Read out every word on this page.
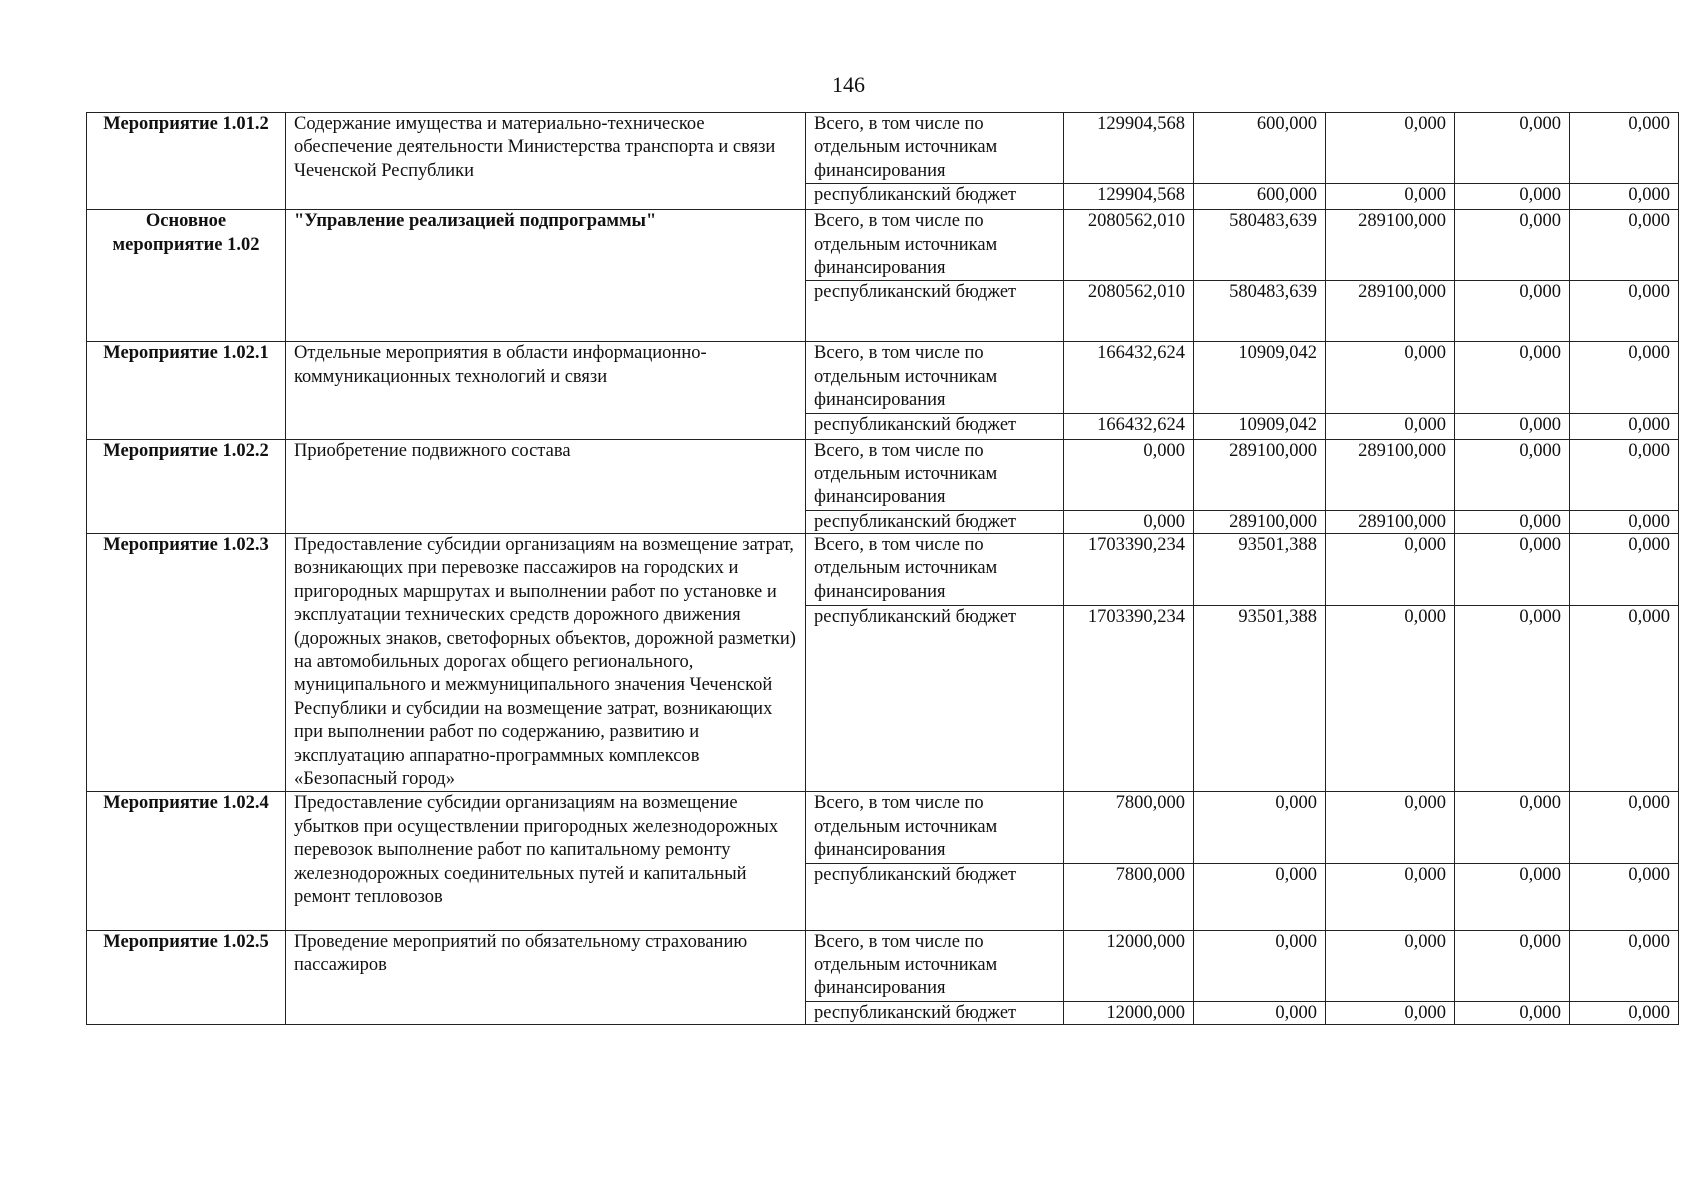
146
Мероприятие 1.01.2	Содержание имущества и материально-техническое обеспечение деятельности Министерства транспорта и связи Чеченской Республики	Всего, в том числе по отдельным источникам финансирования	129904,568	600,000	0,000	0,000	0,000
		республиканский бюджет	129904,568	600,000	0,000	0,000	0,000
Основное мероприятие 1.02	"Управление реализацией подпрограммы"	Всего, в том числе по отдельным источникам финансирования	2080562,010	580483,639	289100,000	0,000	0,000
		республиканский бюджет	2080562,010	580483,639	289100,000	0,000	0,000
Мероприятие 1.02.1	Отдельные мероприятия в области информационно-коммуникационных технологий и связи	Всего, в том числе по отдельным источникам финансирования	166432,624	10909,042	0,000	0,000	0,000
		республиканский бюджет	166432,624	10909,042	0,000	0,000	0,000
Мероприятие 1.02.2	Приобретение подвижного состава	Всего, в том числе по отдельным источникам финансирования	0,000	289100,000	289100,000	0,000	0,000
		республиканский бюджет	0,000	289100,000	289100,000	0,000	0,000
Мероприятие 1.02.3	Предоставление субсидии организациям на возмещение затрат, возникающих при перевозке пассажиров на городских и пригородных маршрутах и выполнении работ по установке и эксплуатации технических средств дорожного движения (дорожных знаков, светофорных объектов, дорожной разметки) на автомобильных дорогах общего регионального, муниципального и межмуниципального значения Чеченской Республики и субсидии на возмещение затрат, возникающих при выполнении работ по содержанию, развитию и эксплуатацию аппаратно-программных комплексов «Безопасный город»	Всего, в том числе по отдельным источникам финансирования	1703390,234	93501,388	0,000	0,000	0,000
		республиканский бюджет	1703390,234	93501,388	0,000	0,000	0,000
Мероприятие 1.02.4	Предоставление субсидии организациям на возмещение убытков при осуществлении пригородных железнодорожных перевозок выполнение работ по капитальному ремонту железнодорожных соединительных путей и капитальный ремонт тепловозов	Всего, в том числе по отдельным источникам финансирования	7800,000	0,000	0,000	0,000	0,000
		республиканский бюджет	7800,000	0,000	0,000	0,000	0,000
Мероприятие 1.02.5	Проведение мероприятий по обязательному страхованию пассажиров	Всего, в том числе по отдельным источникам финансирования	12000,000	0,000	0,000	0,000	0,000
		республиканский бюджет	12000,000	0,000	0,000	0,000	0,000
